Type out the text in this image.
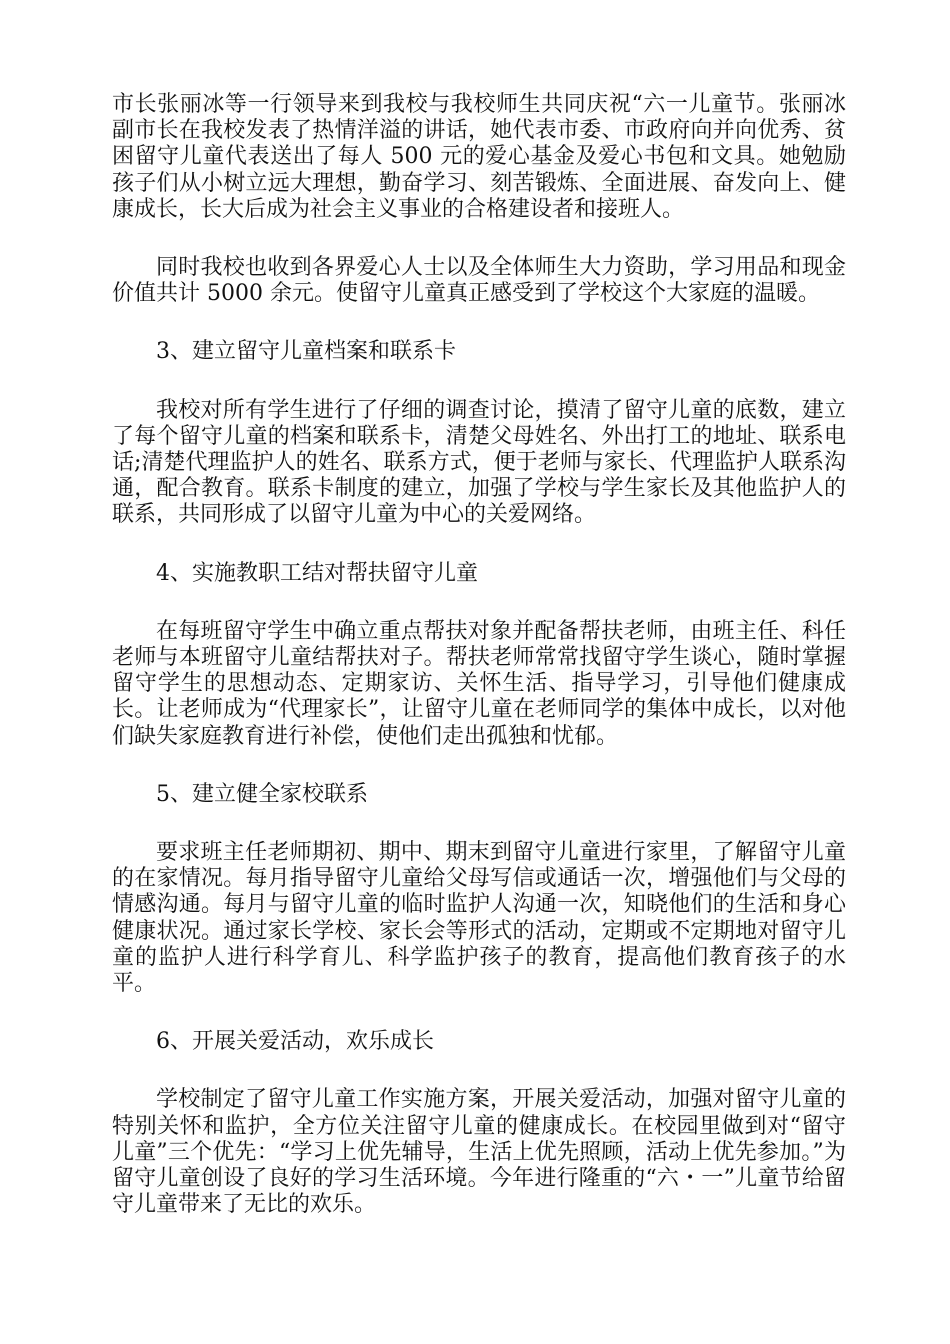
市长张丽冰等一行领导来到我校与我校师生共同庆祝“六一儿童节。张丽冰副市长在我校发表了热情洋溢的讲话，她代表市委、市政府向并向优秀、贫困留守儿童代表送出了每人 500 元的爱心基金及爱心书包和文具。她勉励孩子们从小树立远大理想，勤奋学习、刻苦锻炼、全面进展、奋发向上、健康成长，长大后成为社会主义事业的合格建设者和接班人。

同时我校也收到各界爱心人士以及全体师生大力资助，学习用品和现金价值共计 5000 余元。使留守儿童真正感受到了学校这个大家庭的温暖。

3、建立留守儿童档案和联系卡

我校对所有学生进行了仔细的调查讨论，摸清了留守儿童的底数，建立了每个留守儿童的档案和联系卡，清楚父母姓名、外出打工的地址、联系电话;清楚代理监护人的姓名、联系方式，便于老师与家长、代理监护人联系沟通，配合教育。联系卡制度的建立，加强了学校与学生家长及其他监护人的联系，共同形成了以留守儿童为中心的关爱网络。

4、实施教职工结对帮扶留守儿童

在每班留守学生中确立重点帮扶对象并配备帮扶老师，由班主任、科任老师与本班留守儿童结帮扶对子。帮扶老师常常找留守学生谈心，随时掌握留守学生的思想动态、定期家访、关怀生活、指导学习，引导他们健康成长。让老师成为“代理家长”，让留守儿童在老师同学的集体中成长，以对他们缺失家庭教育进行补偿，使他们走出孤独和忧郁。

5、建立健全家校联系

要求班主任老师期初、期中、期末到留守儿童进行家里，了解留守儿童的在家情况。每月指导留守儿童给父母写信或通话一次，增强他们与父母的情感沟通。每月与留守儿童的临时监护人沟通一次，知晓他们的生活和身心健康状况。通过家长学校、家长会等形式的活动，定期或不定期地对留守儿童的监护人进行科学育儿、科学监护孩子的教育，提高他们教育孩子的水平。

6、开展关爱活动，欢乐成长

学校制定了留守儿童工作实施方案，开展关爱活动，加强对留守儿童的特别关怀和监护，全方位关注留守儿童的健康成长。在校园里做到对“留守儿童”三个优先：“学习上优先辅导，生活上优先照顾，活动上优先参加。”为留守儿童创设了良好的学习生活环境。今年进行隆重的“六・一”儿童节给留守儿童带来了无比的欢乐。
